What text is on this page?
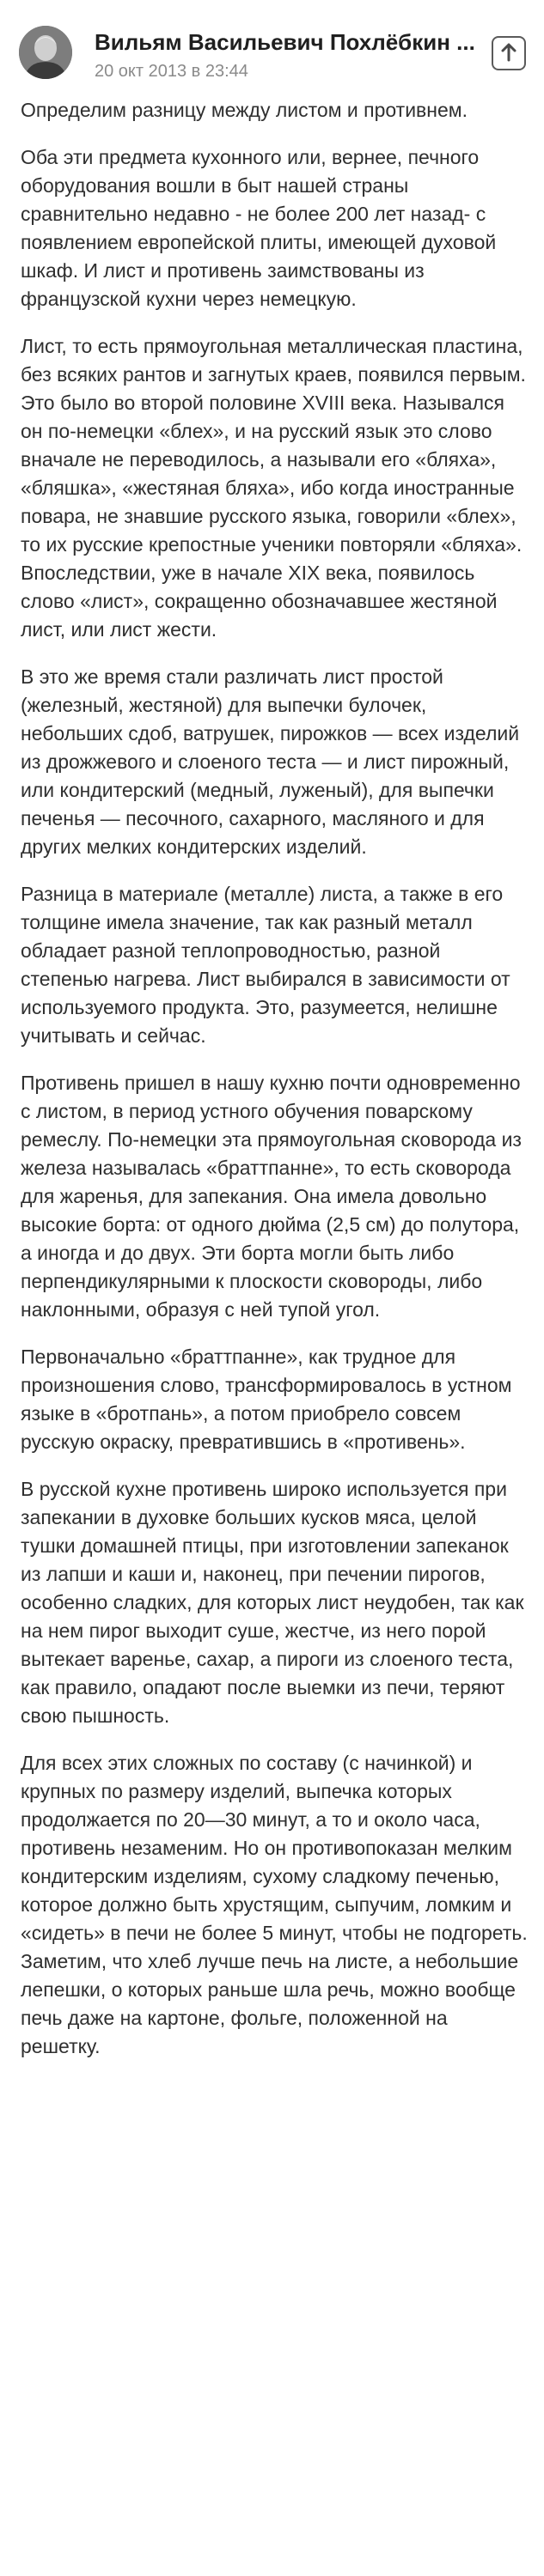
Вильям Васильевич Похлёбкин ...
20 окт 2013 в 23:44

Определим разницу между листом и противнем.

Оба эти предмета кухонного или, вернее, печного оборудования вошли в быт нашей страны сравнительно недавно - не более 200 лет назад- с появлением европейской плиты, имеющей духовой шкаф. И лист и противень заимствованы из французской кухни через немецкую.

Лист, то есть прямоугольная металлическая пластина, без всяких рантов и загнутых краев, появился первым. Это было во второй половине XVIII века. Назывался он по-немецки «блех», и на русский язык это слово вначале не переводилось, а называли его «бляха», «бляшка», «жестяная бляха», ибо когда иностранные повара, не знавшие русского языка, говорили «блех», то их русские крепостные ученики повторяли «бляха». Впоследствии, уже в начале XIX века, появилось слово «лист», сокращенно обозначавшее жестяной лист, или лист жести.

В это же время стали различать лист простой (железный, жестяной) для выпечки булочек, небольших сдоб, ватрушек, пирожков — всех изделий из дрожжевого и слоеного теста — и лист пирожный, или кондитерский (медный, луженый), для выпечки печенья — песочного, сахарного, масляного и для других мелких кондитерских изделий.

Разница в материале (металле) листа, а также в его толщине имела значение, так как разный металл обладает разной теплопроводностью, разной степенью нагрева. Лист выбирался в зависимости от используемого продукта. Это, разумеется, нелишне учитывать и сейчас.

Противень пришел в нашу кухню почти одновременно с листом, в период устного обучения поварскому ремеслу. По-немецки эта прямоугольная сковорода из железа называлась «браттпанне», то есть сковорода для жаренья, для запекания. Она имела довольно высокие борта: от одного дюйма (2,5 см) до полутора, а иногда и до двух. Эти борта могли быть либо перпендикулярными к плоскости сковороды, либо наклонными, образуя с ней тупой угол.

Первоначально «браттпанне», как трудное для произношения слово, трансформировалось в устном языке в «бротпань», а потом приобрело совсем русскую окраску, превратившись в «противень».

В русской кухне противень широко используется при запекании в духовке больших кусков мяса, целой тушки домашней птицы, при изготовлении запеканок из лапши и каши и, наконец, при печении пирогов, особенно сладких, для которых лист неудобен, так как на нем пирог выходит суше, жестче, из него порой вытекает варенье, сахар, а пироги из слоеного теста, как правило, опадают после выемки из печи, теряют свою пышность.

Для всех этих сложных по составу (с начинкой) и крупных по размеру изделий, выпечка которых продолжается по 20—30 минут, а то и около часа, противень незаменим. Но он противопоказан мелким кондитерским изделиям, сухому сладкому печенью, которое должно быть хрустящим, сыпучим, ломким и «сидеть» в печи не более 5 минут, чтобы не подгореть.

Заметим, что хлеб лучше печь на листе, а небольшие лепешки, о которых раньше шла речь, можно вообще печь даже на картоне, фольге, положенной на решетку.
